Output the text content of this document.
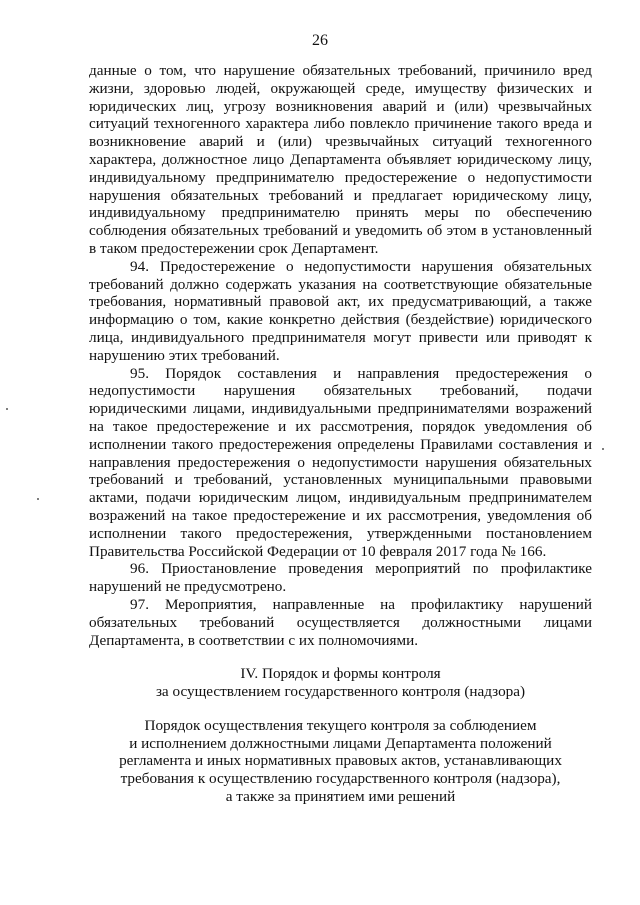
26

данные о том, что нарушение обязательных требований, причинило вред жизни, здоровью людей, окружающей среде, имуществу физических и юридических лиц, угрозу возникновения аварий и (или) чрезвычайных ситуаций техногенного характера либо повлекло причинение такого вреда и возникновение аварий и (или) чрезвычайных ситуаций техногенного характера, должностное лицо Департамента объявляет юридическому лицу, индивидуальному предпринимателю предостережение о недопустимости нарушения обязательных требований и предлагает юридическому лицу, индивидуальному предпринимателю принять меры по обеспечению соблюдения обязательных требований и уведомить об этом в установленный в таком предостережении срок Департамент.

94. Предостережение о недопустимости нарушения обязательных требований должно содержать указания на соответствующие обязательные требования, нормативный правовой акт, их предусматривающий, а также информацию о том, какие конкретно действия (бездействие) юридического лица, индивидуального предпринимателя могут привести или приводят к нарушению этих требований.

95. Порядок составления и направления предостережения о недопустимости нарушения обязательных требований, подачи юридическими лицами, индивидуальными предпринимателями возражений на такое предостережение и их рассмотрения, порядок уведомления об исполнении такого предостережения определены Правилами составления и направления предостережения о недопустимости нарушения обязательных требований и требований, установленных муниципальными правовыми актами, подачи юридическим лицом, индивидуальным предпринимателем возражений на такое предостережение и их рассмотрения, уведомления об исполнении такого предостережения, утвержденными постановлением Правительства Российской Федерации от 10 февраля 2017 года № 166.

96. Приостановление проведения мероприятий по профилактике нарушений не предусмотрено.

97. Мероприятия, направленные на профилактику нарушений обязательных требований осуществляется должностными лицами Департамента, в соответствии с их полномочиями.

IV. Порядок и формы контроля
за осуществлением государственного контроля (надзора)
Порядок осуществления текущего контроля за соблюдением
и исполнением должностными лицами Департамента положений
регламента и иных нормативных правовых актов, устанавливающих
требования к осуществлению государственного контроля (надзора),
а также за принятием ими решений
